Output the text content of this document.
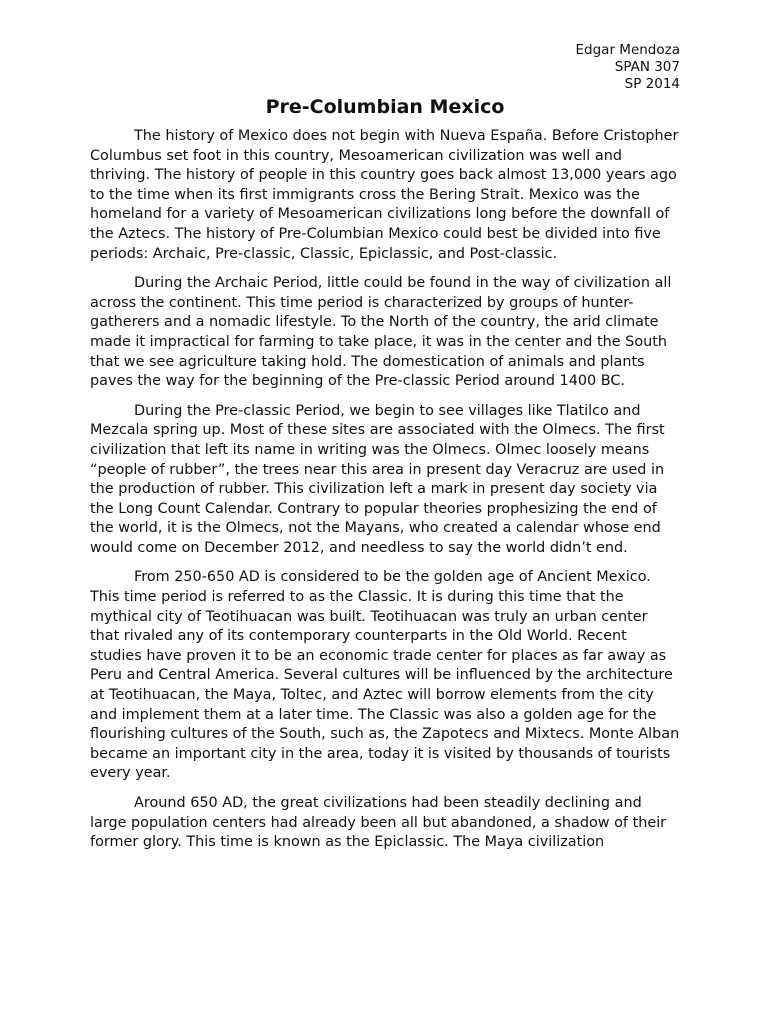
Edgar Mendoza
SPAN 307
SP 2014
Pre-Columbian Mexico

The history of Mexico does not begin with Nueva España. Before Cristopher Columbus set foot in this country, Mesoamerican civilization was well and thriving. The history of people in this country goes back almost 13,000 years ago to the time when its first immigrants cross the Bering Strait. Mexico was the homeland for a variety of Mesoamerican civilizations long before the downfall of the Aztecs. The history of Pre-Columbian Mexico could best be divided into five periods: Archaic, Pre-classic, Classic, Epiclassic, and Post-classic.

During the Archaic Period, little could be found in the way of civilization all across the continent. This time period is characterized by groups of hunter-gatherers and a nomadic lifestyle. To the North of the country, the arid climate made it impractical for farming to take place, it was in the center and the South that we see agriculture taking hold. The domestication of animals and plants paves the way for the beginning of the Pre-classic Period around 1400 BC.

During the Pre-classic Period, we begin to see villages like Tlatilco and Mezcala spring up. Most of these sites are associated with the Olmecs. The first civilization that left its name in writing was the Olmecs. Olmec loosely means “people of rubber”, the trees near this area in present day Veracruz are used in the production of rubber. This civilization left a mark in present day society via the Long Count Calendar. Contrary to popular theories prophesizing the end of the world, it is the Olmecs, not the Mayans, who created a calendar whose end would come on December 2012, and needless to say the world didn’t end.

From 250-650 AD is considered to be the golden age of Ancient Mexico. This time period is referred to as the Classic. It is during this time that the mythical city of Teotihuacan was built. Teotihuacan was truly an urban center that rivaled any of its contemporary counterparts in the Old World. Recent studies have proven it to be an economic trade center for places as far away as Peru and Central America. Several cultures will be influenced by the architecture at Teotihuacan, the Maya, Toltec, and Aztec will borrow elements from the city and implement them at a later time. The Classic was also a golden age for the flourishing cultures of the South, such as, the Zapotecs and Mixtecs. Monte Alban became an important city in the area, today it is visited by thousands of tourists every year.

Around 650 AD, the great civilizations had been steadily declining and large population centers had already been all but abandoned, a shadow of their former glory. This time is known as the Epiclassic. The Maya civilization
